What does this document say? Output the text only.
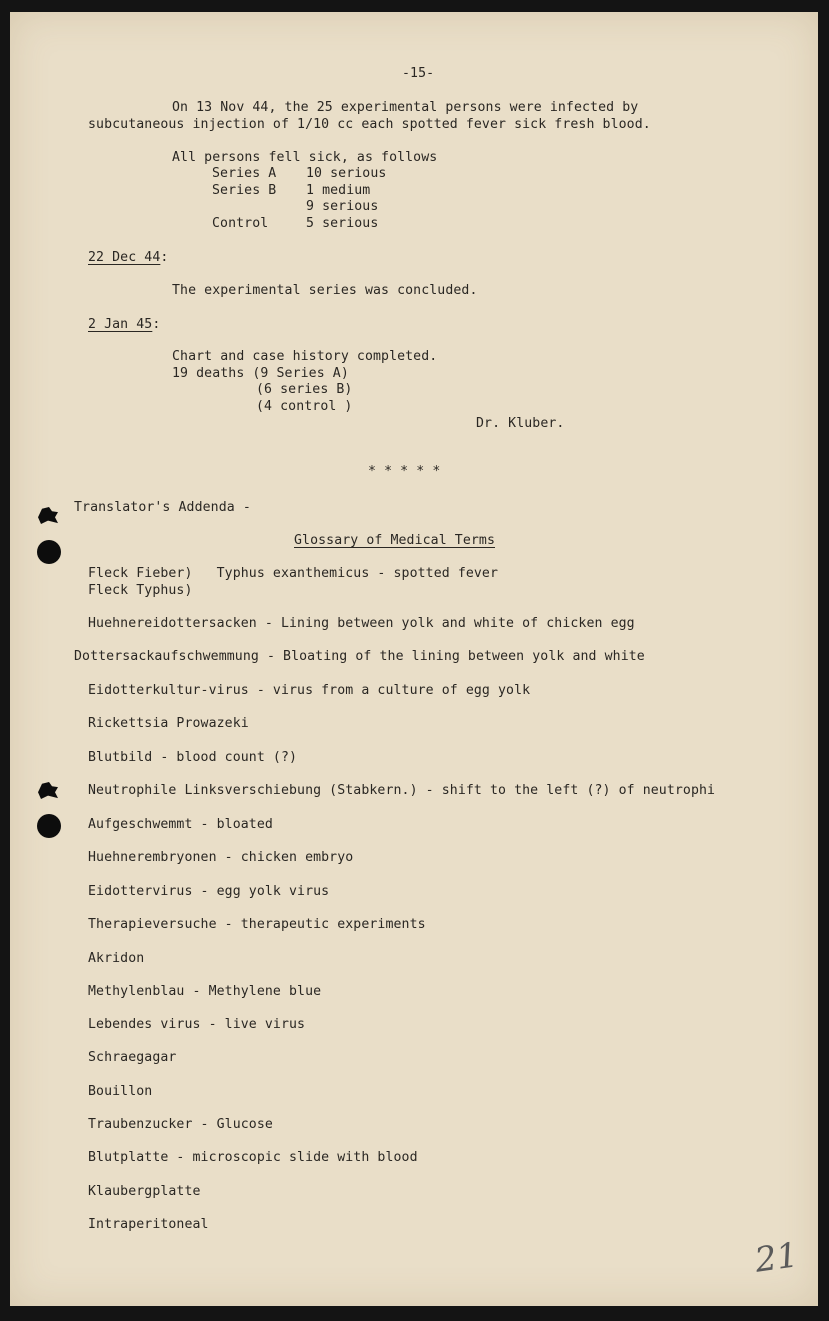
-15-
On 13 Nov 44, the 25 experimental persons were infected by
subcutaneous injection of 1/10 cc each spotted fever sick fresh blood.
All persons fell sick, as follows
Series A 10 serious
Series B 1 medium
9 serious
Control	5 serious
22 Dec 44:
The experimental series was concluded.
2 Jan 45:
Chart and case history completed.
19 deaths (9 Series A)
(6 series B)
(4 control )
Dr. Kluber.
* * * * *
Translator's Addenda -
Glossary of Medical Terms
Fleck Fieber)   Typhus exanthemicus - spotted fever
Fleck Typhus)
Huehnereidottersacken - Lining between yolk and white of chicken egg
Dottersackaufschwemmung - Bloating of the lining between yolk and white
Eidotterkultur-virus - virus from a culture of egg yolk
Rickettsia Prowazeki
Blutbild - blood count (?)
Neutrophile Linksverschiebung (Stabkern.) - shift to the left (?) of neutrophi
Aufgeschwemmt - bloated
Huehnerembryonen - chicken embryo
Eidottervirus - egg yolk virus
Therapieversuche - therapeutic experiments
Akridon
Methylenblau - Methylene blue
Lebendes virus - live virus
Schraegagar
Bouillon
Traubenzucker - Glucose
Blutplatte - microscopic slide with blood
Klaubergplatte
Intraperitoneal
21
